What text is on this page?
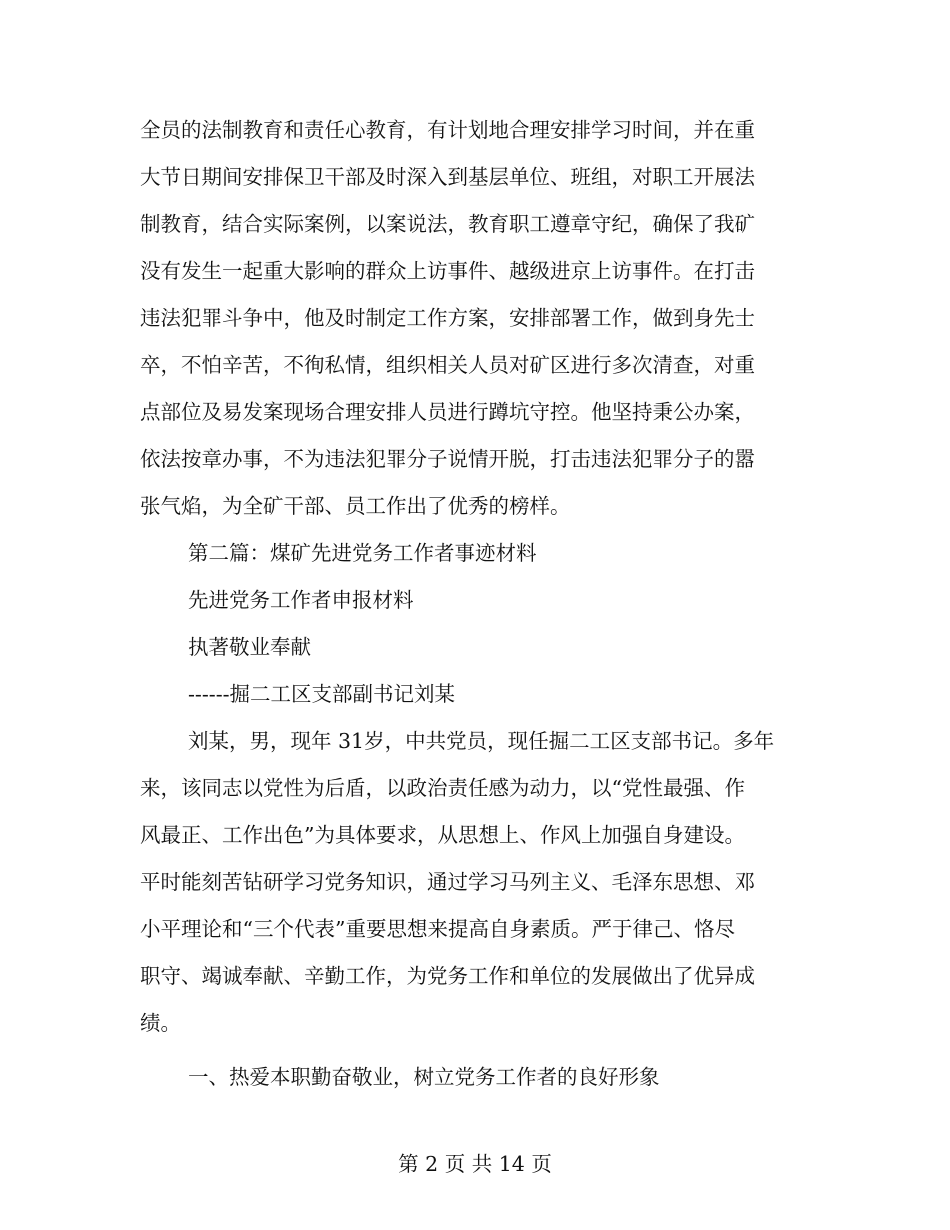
全员的法制教育和责任心教育，有计划地合理安排学习时间，并在重
大节日期间安排保卫干部及时深入到基层单位、班组，对职工开展法
制教育，结合实际案例，以案说法，教育职工遵章守纪，确保了我矿
没有发生一起重大影响的群众上访事件、越级进京上访事件。在打击
违法犯罪斗争中，他及时制定工作方案，安排部署工作，做到身先士
卒，不怕辛苦，不徇私情，组织相关人员对矿区进行多次清查，对重
点部位及易发案现场合理安排人员进行蹲坑守控。他坚持秉公办案，
依法按章办事，不为违法犯罪分子说情开脱，打击违法犯罪分子的嚣
张气焰，为全矿干部、员工作出了优秀的榜样。
第二篇：煤矿先进党务工作者事迹材料
先进党务工作者申报材料
执著敬业奉献
------掘二工区支部副书记刘某
刘某，男，现年 31岁，中共党员，现任掘二工区支部书记。多年
来，该同志以党性为后盾，以政治责任感为动力，以“党性最强、作
风最正、工作出色”为具体要求，从思想上、作风上加强自身建设。
平时能刻苦钻研学习党务知识，通过学习马列主义、毛泽东思想、邓
小平理论和“三个代表”重要思想来提高自身素质。严于律己、恪尽
职守、竭诚奉献、辛勤工作，为党务工作和单位的发展做出了优异成
绩。
一、热爱本职勤奋敬业，树立党务工作者的良好形象
第 2 页 共 14 页
